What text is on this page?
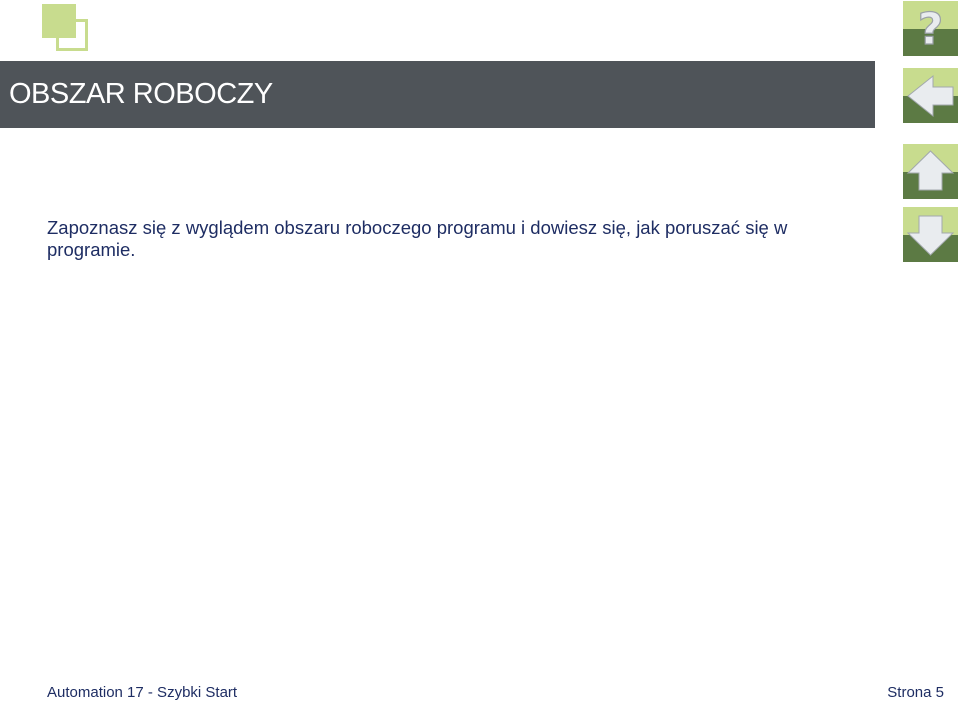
OBSZAR ROBOCZY

Zapoznasz się z wyglądem obszaru roboczego programu i dowiesz się, jak poruszać się w programie.

?
Automation 17 - Szybki Start	Strona 5
